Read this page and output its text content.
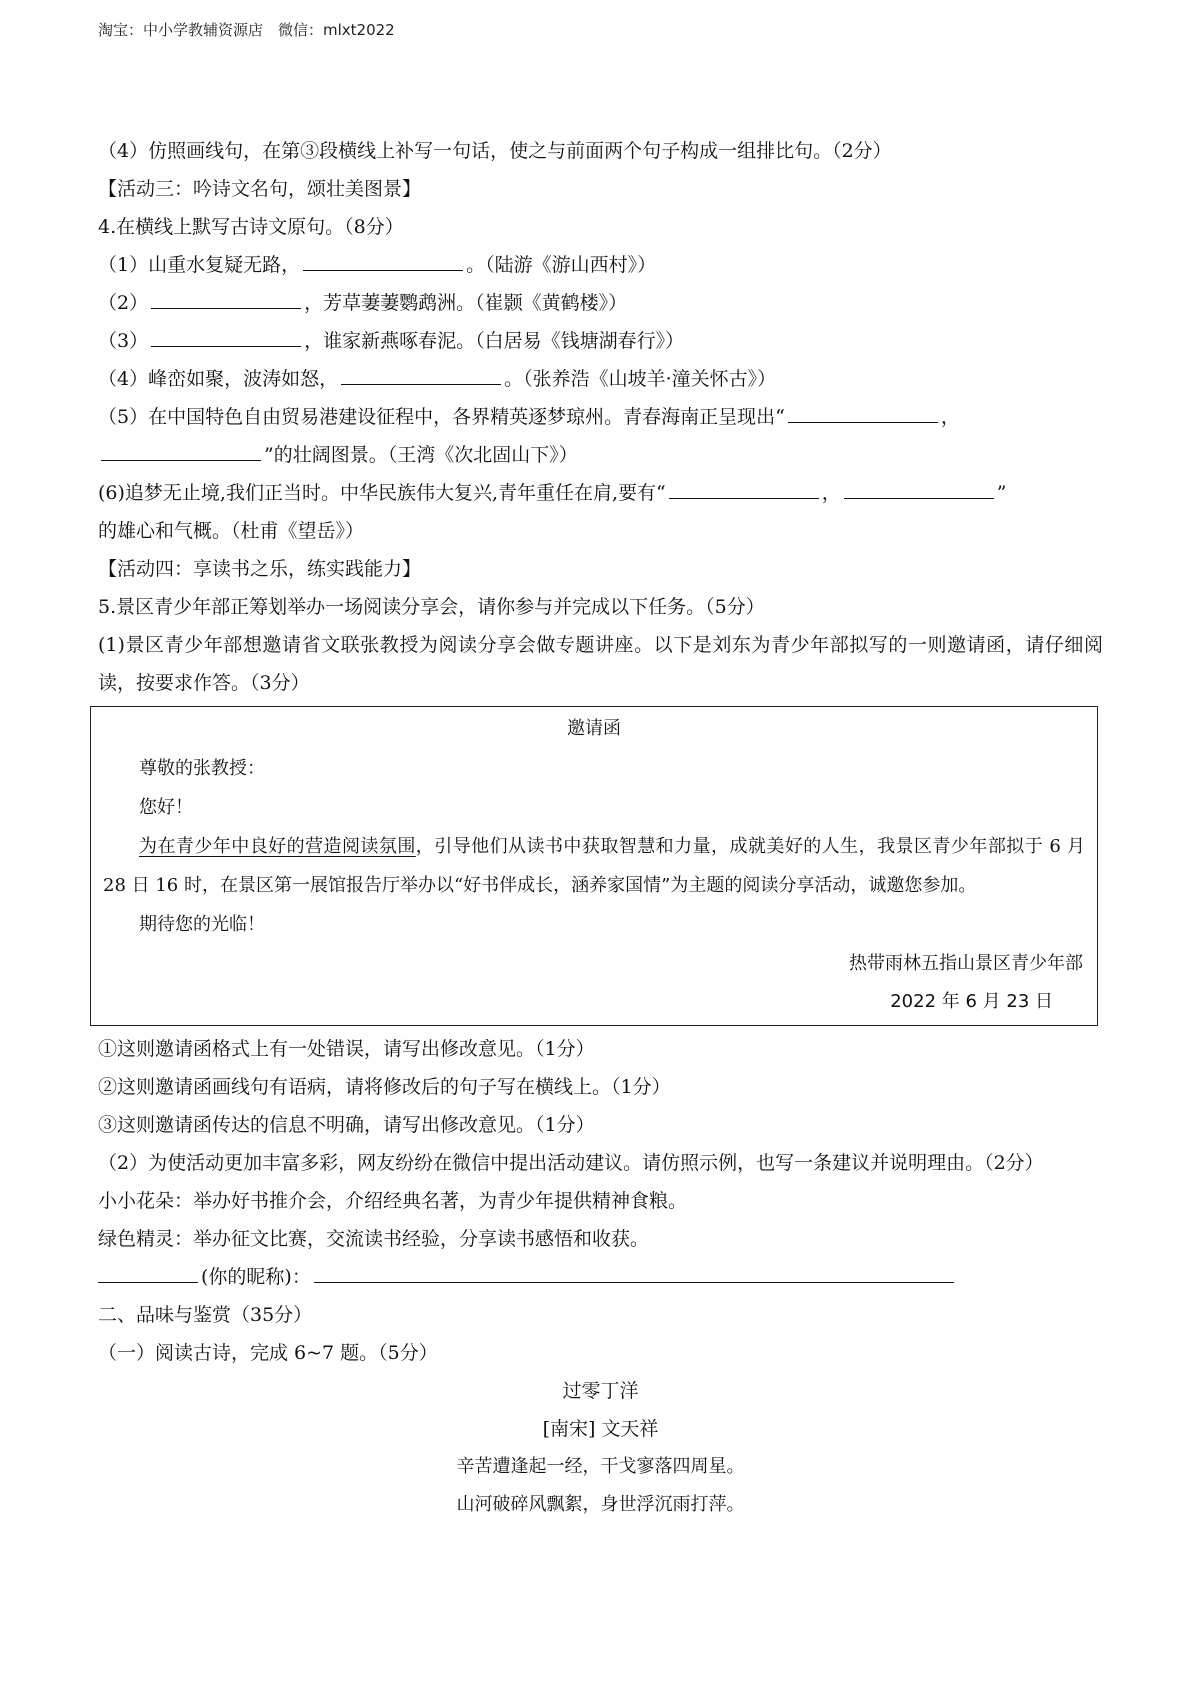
淘宝：中小学教辅资源店　微信：mlxt2022
（4）仿照画线句，在第③段横线上补写一句话，使之与前面两个句子构成一组排比句。（2分）
【活动三：吟诗文名句，颂壮美图景】
4.在横线上默写古诗文原句。（8分）
（1）山重水复疑无路，	。（陆游《游山西村》）
（2）	，芳草萋萋鹦鹉洲。（崔颢《黄鹤楼》）
（3）	，谁家新燕啄春泥。（白居易《钱塘湖春行》）
（4）峰峦如聚，波涛如怒，	。（张养浩《山坡羊·潼关怀古》）
（5）在中国特色自由贸易港建设征程中，各界精英逐梦琼州。青春海南正呈现出“	，
”的壮阔图景。（王湾《次北固山下》）
(6)追梦无止境,我们正当时。中华民族伟大复兴,青年重任在肩,要有“	，	”
的雄心和气概。（杜甫《望岳》）
【活动四：享读书之乐，练实践能力】
5.景区青少年部正筹划举办一场阅读分享会，请你参与并完成以下任务。（5分）
(1)景区青少年部想邀请省文联张教授为阅读分享会做专题讲座。以下是刘东为青少年部拟写的一则邀请函，请仔细阅读，按要求作答。（3分）
邀请函
尊敬的张教授：
您好！
为在青少年中良好的营造阅读氛围，引导他们从读书中获取智慧和力量，成就美好的人生，我景区青少年部拟于 6 月 28 日 16 时，在景区第一展馆报告厅举办以“好书伴成长，涵养家国情”为主题的阅读分享活动，诚邀您参加。
期待您的光临！
热带雨林五指山景区青少年部
2022 年 6 月 23 日
①这则邀请函格式上有一处错误，请写出修改意见。（1分）
②这则邀请函画线句有语病，请将修改后的句子写在横线上。（1分）
③这则邀请函传达的信息不明确，请写出修改意见。（1分）
（2）为使活动更加丰富多彩，网友纷纷在微信中提出活动建议。请仿照示例，也写一条建议并说明理由。（2分）
小小花朵：举办好书推介会，介绍经典名著，为青少年提供精神食粮。
绿色精灵：举办征文比赛，交流读书经验，分享读书感悟和收获。
(你的昵称)：
二、品味与鉴赏（35分）
（一）阅读古诗，完成 6~7 题。（5分）
过零丁洋
[南宋] 文天祥
辛苦遭逢起一经，干戈寥落四周星。
山河破碎风飘絮，身世浮沉雨打萍。
